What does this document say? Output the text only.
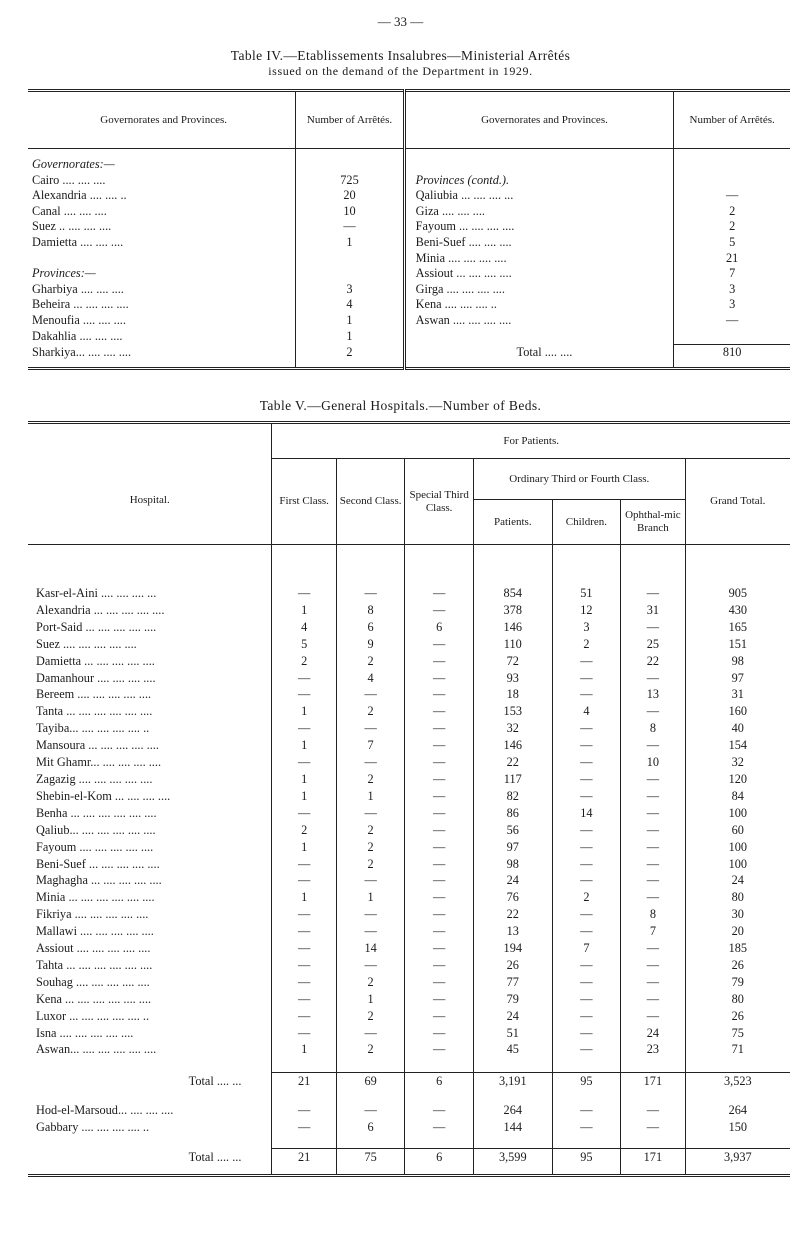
— 33 —
Table IV.—Etablissements Insalubres—Ministerial Arrêtés
issued on the demand of the Department in 1929.
Governorates and Provinces.	Number of Arrêtés.	Governorates and Provinces.	Number of Arrêtés.

Governorates:—			
Cairo .... .... ....	725	Provinces (contd.).	
Alexandria .... .... ..	20	Qaliubia ... .... .... ...	—
Canal .... .... ....	10	Giza .... .... ....	2
Suez .. .... .... ....	—	Fayoum ... .... .... ....	2
Damietta .... .... ....	1	Beni-Suef .... .... ....	5
		Minia .... .... .... ....	21
Provinces:—		Assiout ... .... .... ....	7
Gharbiya .... .... ....	3	Girga .... .... .... ....	3
Beheira ... .... .... ....	4	Kena .... .... .... ..	3
Menoufia .... .... ....	1	Aswan .... .... .... ....	—
Dakahlia .... .... ....	1		
Sharkiya... .... .... ....	2	Total .... ....	810

Table V.—General Hospitals.—Number of Beds.
Hospital.	For Patients.						
	First Class.	Second Class.	Special Third Class.	Ordinary Third or Fourth Class.			Grand Total.
				Patients.	Children.	Ophthal-mic Branch	

Kasr-el-Aini .... .... .... ...	—	—	—	854	51	—	905
Alexandria ... .... .... .... ....	1	8	—	378	12	31	430
Port-Said ... .... .... .... ....	4	6	6	146	3	—	165
Suez .... .... .... .... ....	5	9	—	110	2	25	151
Damietta ... .... .... .... ....	2	2	—	72	—	22	98
Damanhour .... .... .... ....	—	4	—	93	—	—	97
Bereem .... .... .... .... ....	—	—	—	18	—	13	31
Tanta ... .... .... .... .... ....	1	2	—	153	4	—	160
Tayiba... .... .... .... .... ..	—	—	—	32	—	8	40
Mansoura ... .... .... .... ....	1	7	—	146	—	—	154
Mit Ghamr... .... .... .... ....	—	—	—	22	—	10	32
Zagazig .... .... .... .... ....	1	2	—	117	—	—	120
Shebin-el-Kom ... .... .... ....	1	1	—	82	—	—	84
Benha ... .... .... .... .... ....	—	—	—	86	14	—	100
Qaliub... .... .... .... .... ....	2	2	—	56	—	—	60
Fayoum .... .... .... .... ....	1	2	—	97	—	—	100
Beni-Suef ... .... .... .... ....	—	2	—	98	—	—	100
Maghagha ... .... .... .... ....	—	—	—	24	—	—	24
Minia ... .... .... .... .... ....	1	1	—	76	2	—	80
Fikriya .... .... .... .... ....	—	—	—	22	—	8	30
Mallawi .... .... .... .... ....	—	—	—	13	—	7	20
Assiout .... .... .... .... ....	—	14	—	194	7	—	185
Tahta ... .... .... .... .... ....	—	—	—	26	—	—	26
Souhag .... .... .... .... ....	—	2	—	77	—	—	79
Kena ... .... .... .... .... ....	—	1	—	79	—	—	80
Luxor ... .... .... .... .... ..	—	2	—	24	—	—	26
Isna .... .... .... .... ....	—	—	—	51	—	24	75
Aswan... .... .... .... .... ....	1	2	—	45	—	23	71

Total .... ...	21	69	6	3,191	95	171	3,523

Hod-el-Marsoud... .... .... ....	—	—	—	264	—	—	264
Gabbary .... .... .... .... ..	—	6	—	144	—	—	150

Total .... ...	21	75	6	3,599	95	171	3,937
